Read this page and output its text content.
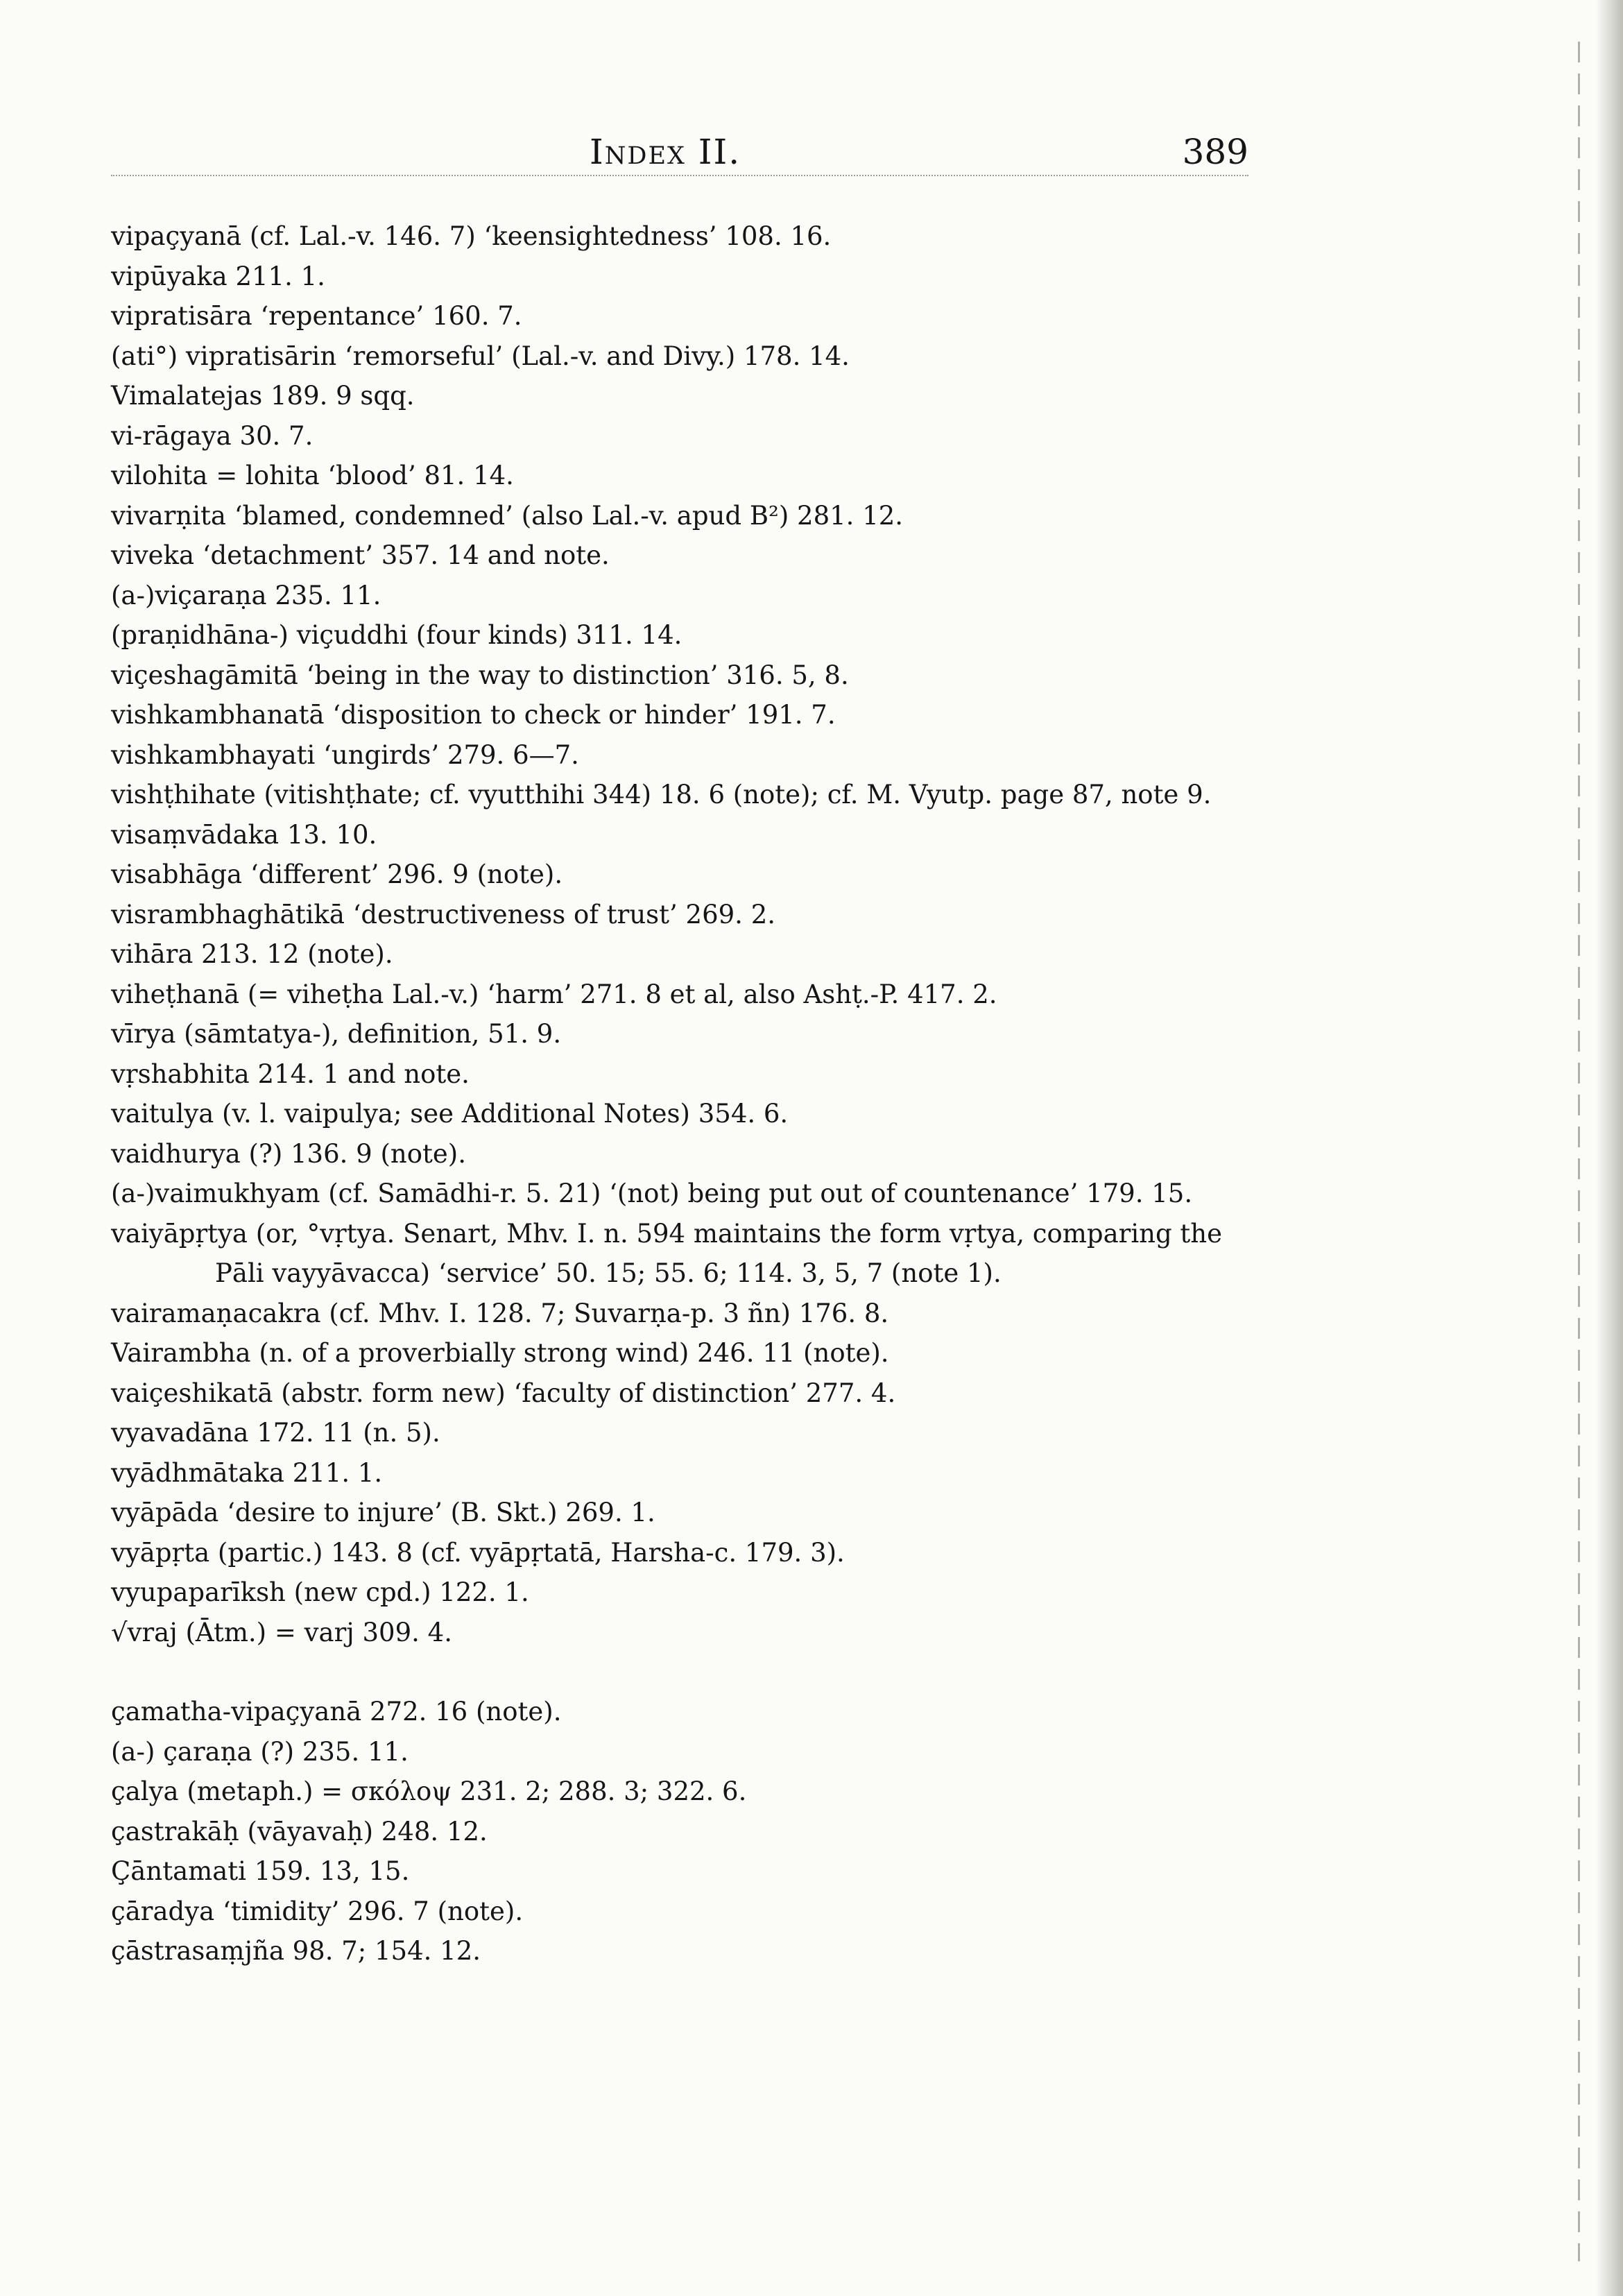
Index II.	389
vipaçyanā (cf. Lal.-v. 146. 7) ‘keensightedness’ 108. 16.
vipūyaka 211. 1.
vipratisāra ‘repentance’ 160. 7.
(ati°) vipratisārin ‘remorseful’ (Lal.-v. and Divy.) 178. 14.
Vimalatejas 189. 9 sqq.
vi-rāgaya 30. 7.
vilohita = lohita ‘blood’ 81. 14.
vivarṇita ‘blamed, condemned’ (also Lal.-v. apud B²) 281. 12.
viveka ‘detachment’ 357. 14 and note.
(a-)viçaraṇa 235. 11.
(praṇidhāna-) viçuddhi (four kinds) 311. 14.
viçeshagāmitā ‘being in the way to distinction’ 316. 5, 8.
vishkambhanatā ‘disposition to check or hinder’ 191. 7.
vishkambhayati ‘ungirds’ 279. 6—7.
vishṭhihate (vitishṭhate; cf. vyutthihi 344) 18. 6 (note); cf. M. Vyutp. page 87, note 9.
visaṃvādaka 13. 10.
visabhāga ‘different’ 296. 9 (note).
visrambhaghātikā ‘destructiveness of trust’ 269. 2.
vihāra 213. 12 (note).
viheṭhanā (= viheṭha Lal.-v.) ‘harm’ 271. 8 et al, also Ashṭ.-P. 417. 2.
vīrya (sāmtatya-), definition, 51. 9.
vṛshabhita 214. 1 and note.
vaitulya (v. l. vaipulya; see Additional Notes) 354. 6.
vaidhurya (?) 136. 9 (note).
(a-)vaimukhyam (cf. Samādhi-r. 5. 21) ‘(not) being put out of countenance’ 179. 15.
vaiyāpṛtya (or, °vṛtya. Senart, Mhv. I. n. 594 maintains the form vṛtya, comparing the Pāli vayyāvacca) ‘service’ 50. 15; 55. 6; 114. 3, 5, 7 (note 1).
vairamaṇacakra (cf. Mhv. I. 128. 7; Suvarṇa-p. 3 ñn) 176. 8.
Vairambha (n. of a proverbially strong wind) 246. 11 (note).
vaiçeshikatā (abstr. form new) ‘faculty of distinction’ 277. 4.
vyavadāna 172. 11 (n. 5).
vyādhmātaka 211. 1.
vyāpāda ‘desire to injure’ (B. Skt.) 269. 1.
vyāpṛta (partic.) 143. 8 (cf. vyāpṛtatā, Harsha-c. 179. 3).
vyupaparīksh (new cpd.) 122. 1.
√vraj (Ātm.) = varj 309. 4.
çamatha-vipaçyanā 272. 16 (note).
(a-) çaraṇa (?) 235. 11.
çalya (metaph.) = σκόλοψ 231. 2; 288. 3; 322. 6.
çastrakāḥ (vāyavaḥ) 248. 12.
Çāntamati 159. 13, 15.
çāradya ‘timidity’ 296. 7 (note).
çāstrasaṃjña 98. 7; 154. 12.
